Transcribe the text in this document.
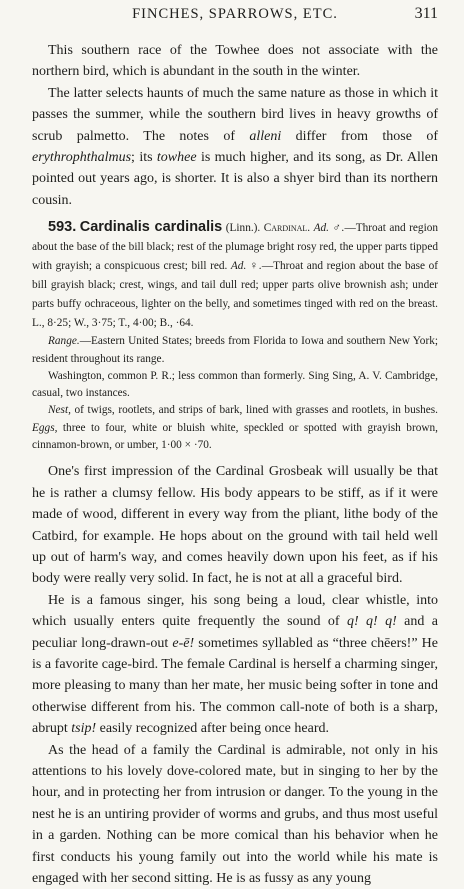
FINCHES, SPARROWS, ETC.	311

This southern race of the Towhee does not associate with the northern bird, which is abundant in the south in the winter.

The latter selects haunts of much the same nature as those in which it passes the summer, while the southern bird lives in heavy growths of scrub palmetto. The notes of alleni differ from those of erythrophthalmus; its towhee is much higher, and its song, as Dr. Allen pointed out years ago, is shorter. It is also a shyer bird than its northern cousin.

593. Cardinalis cardinalis (Linn.). Cardinal. Ad. ♂.—Throat and region about the base of the bill black; rest of the plumage bright rosy red, the upper parts tipped with grayish; a conspicuous crest; bill red. Ad. ♀.—Throat and region about the base of bill grayish black; crest, wings, and tail dull red; upper parts olive brownish ash; under parts buffy ochraceous, lighter on the belly, and sometimes tinged with red on the breast. L., 8·25; W., 3·75; T., 4·00; B., ·64.

Range.—Eastern United States; breeds from Florida to Iowa and southern New York; resident throughout its range.

Washington, common P. R.; less common than formerly. Sing Sing, A. V. Cambridge, casual, two instances.

Nest, of twigs, rootlets, and strips of bark, lined with grasses and rootlets, in bushes. Eggs, three to four, white or bluish white, speckled or spotted with grayish brown, cinnamon-brown, or umber, 1·00 × ·70.

One's first impression of the Cardinal Grosbeak will usually be that he is rather a clumsy fellow. His body appears to be stiff, as if it were made of wood, different in every way from the pliant, lithe body of the Catbird, for example. He hops about on the ground with tail held well up out of harm's way, and comes heavily down upon his feet, as if his body were really very solid. In fact, he is not at all a graceful bird.

He is a famous singer, his song being a loud, clear whistle, into which usually enters quite frequently the sound of q! q! q! and a peculiar long-drawn-out e-ē! sometimes syllabled as “three chēers!” He is a favorite cage-bird. The female Cardinal is herself a charming singer, more pleasing to many than her mate, her music being softer in tone and otherwise different from his. The common call-note of both is a sharp, abrupt tsip! easily recognized after being once heard.

As the head of a family the Cardinal is admirable, not only in his attentions to his lovely dove-colored mate, but in singing to her by the hour, and in protecting her from intrusion or danger. To the young in the nest he is an untiring provider of worms and grubs, and thus most useful in a garden. Nothing can be more comical than his behavior when he first conducts his young family out into the world while his mate is engaged with her second sitting. He is as fussy as any young
